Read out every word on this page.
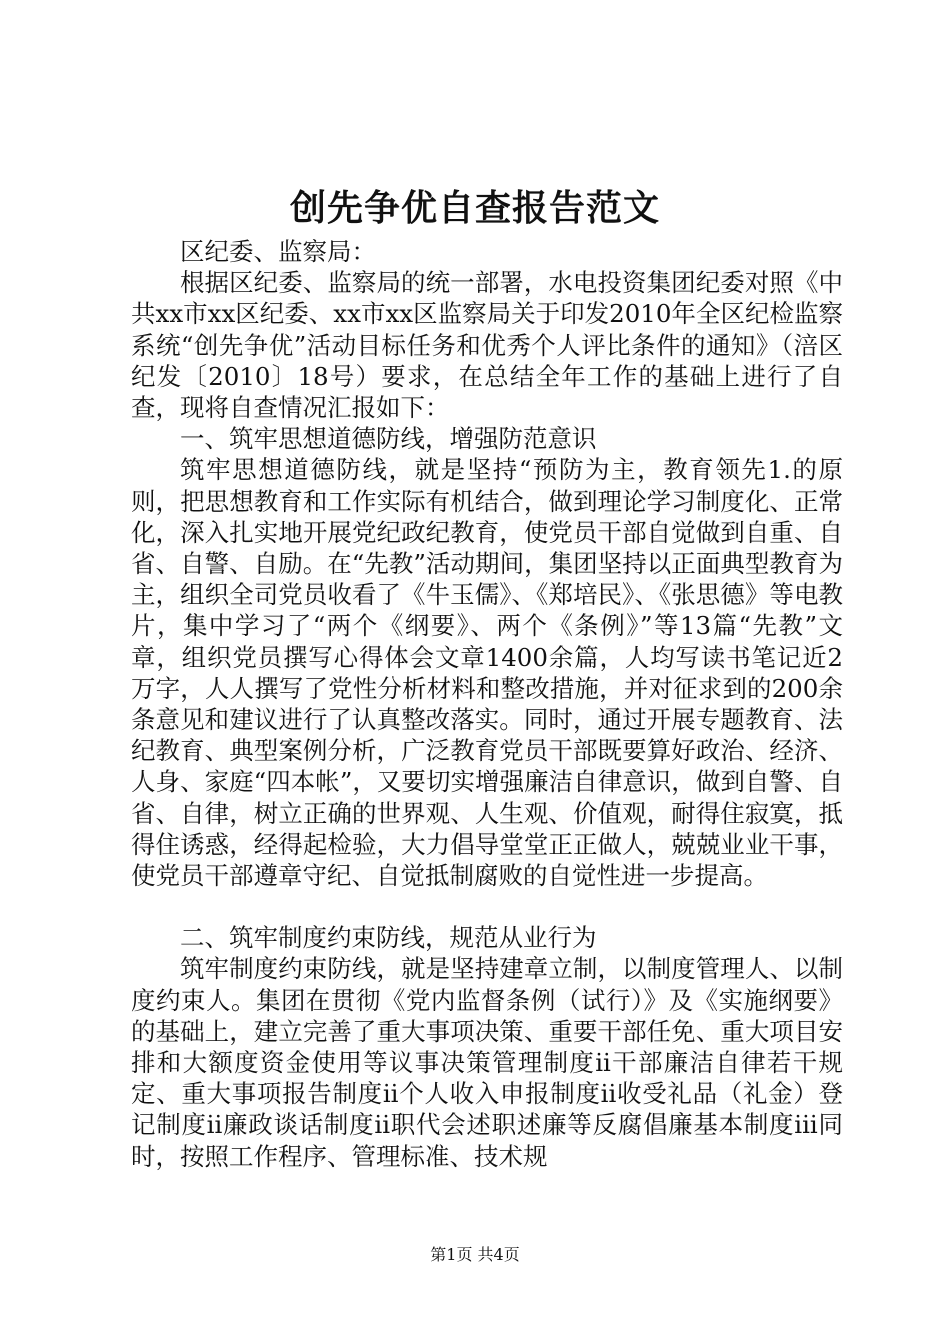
创先争优自查报告范文

区纪委、监察局：

根据区纪委、监察局的统一部署，水电投资集团纪委对照《中共xx市xx区纪委、xx市xx区监察局关于印发2010年全区纪检监察系统“创先争优”活动目标任务和优秀个人评比条件的通知》（涪区纪发〔2010〕18号）要求，在总结全年工作的基础上进行了自查，现将自查情况汇报如下：

一、筑牢思想道德防线，增强防范意识

筑牢思想道德防线，就是坚持“预防为主，教育领先1.的原则，把思想教育和工作实际有机结合，做到理论学习制度化、正常化，深入扎实地开展党纪政纪教育，使党员干部自觉做到自重、自省、自警、自励。在“先教”活动期间，集团坚持以正面典型教育为主，组织全司党员收看了《牛玉儒》、《郑培民》、《张思德》等电教片，集中学习了“两个《纲要》、两个《条例》”等13篇“先教”文章，组织党员撰写心得体会文章1400余篇，人均写读书笔记近2万字，人人撰写了党性分析材料和整改措施，并对征求到的200余条意见和建议进行了认真整改落实。同时，通过开展专题教育、法纪教育、典型案例分析，广泛教育党员干部既要算好政治、经济、人身、家庭“四本帐”，又要切实增强廉洁自律意识，做到自警、自省、自律，树立正确的世界观、人生观、价值观，耐得住寂寞，抵得住诱惑，经得起检验，大力倡导堂堂正正做人，兢兢业业干事，使党员干部遵章守纪、自觉抵制腐败的自觉性进一步提高。

二、筑牢制度约束防线，规范从业行为

筑牢制度约束防线，就是坚持建章立制，以制度管理人、以制度约束人。集团在贯彻《党内监督条例（试行）》及《实施纲要》的基础上，建立完善了重大事项决策、重要干部任免、重大项目安排和大额度资金使用等议事决策管理制度ii干部廉洁自律若干规定、重大事项报告制度ii个人收入申报制度ii收受礼品（礼金）登记制度ii廉政谈话制度ii职代会述职述廉等反腐倡廉基本制度iii同时，按照工作程序、管理标准、技术规

第1页 共4页
